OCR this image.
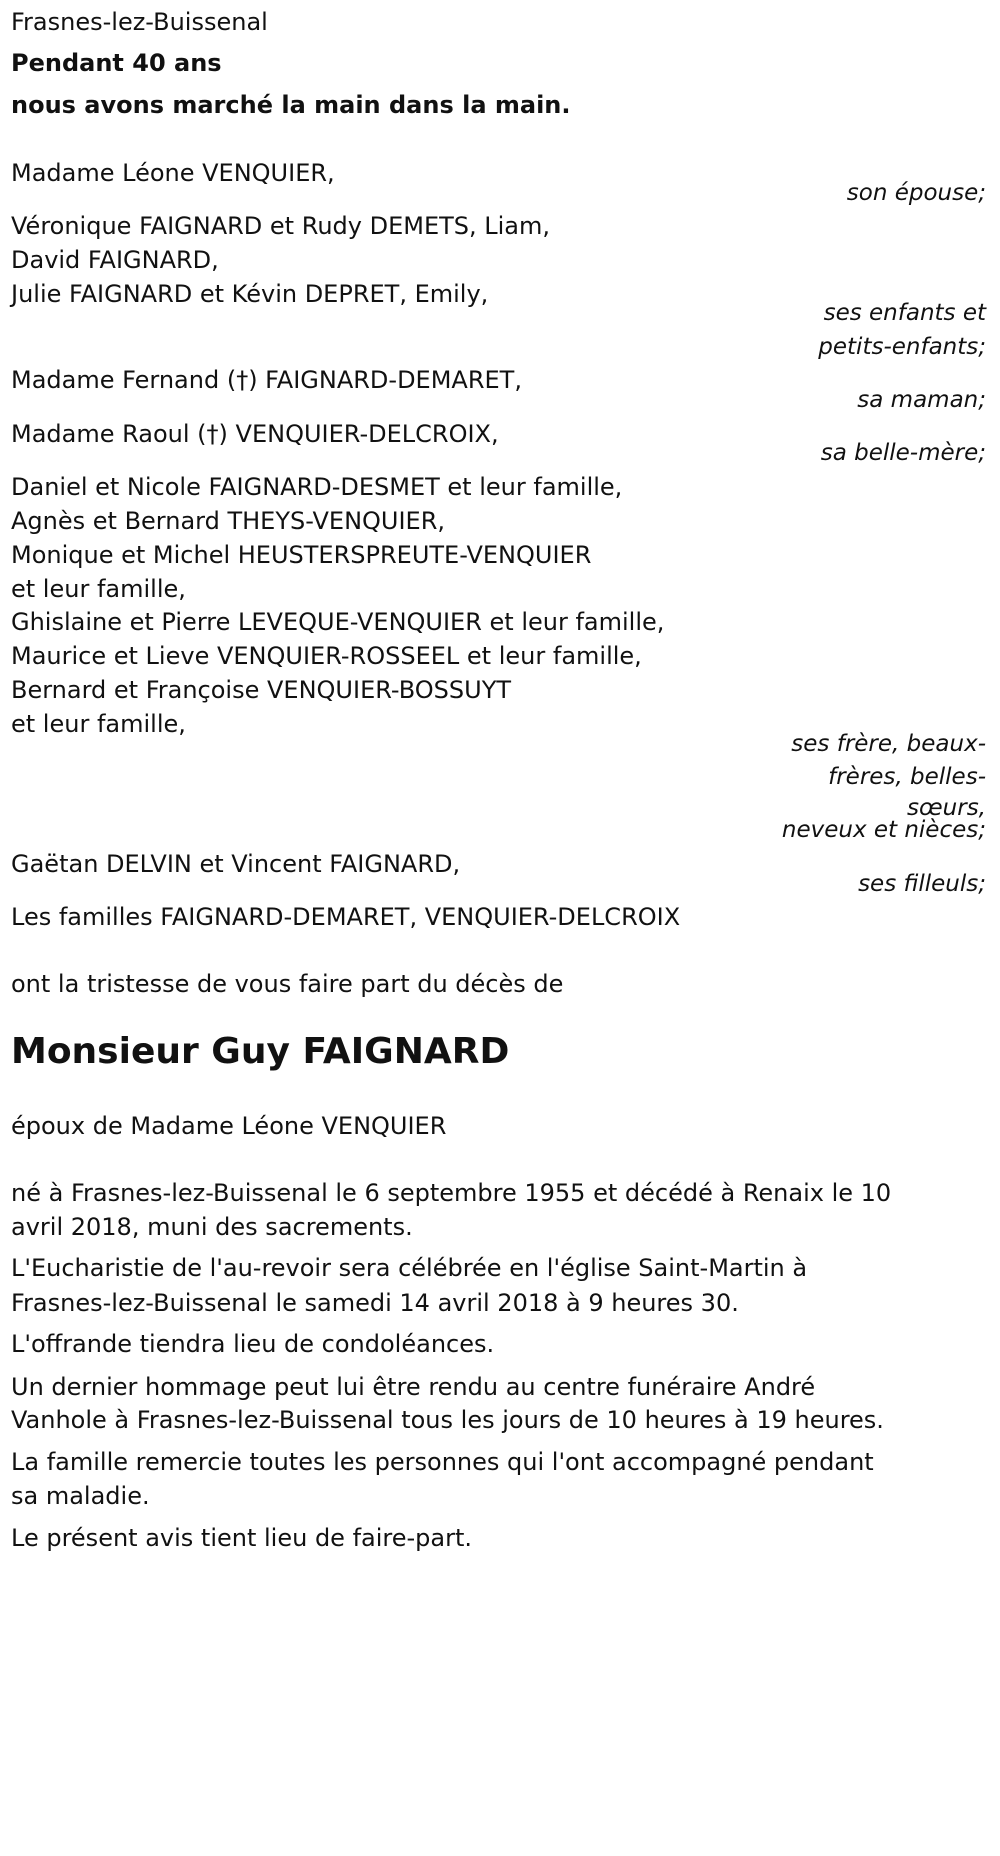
Frasnes-lez-Buissenal
Pendant 40 ans
nous avons marché la main dans la main.
Madame Léone VENQUIER,
son épouse;
Véronique FAIGNARD et Rudy DEMETS, Liam,
David FAIGNARD,
Julie FAIGNARD et Kévin DEPRET, Emily,
ses enfants et
petits-enfants;
Madame Fernand (†) FAIGNARD-DEMARET,
sa maman;
Madame Raoul (†) VENQUIER-DELCROIX,
sa belle-mère;
Daniel et Nicole FAIGNARD-DESMET et leur famille,
Agnès et Bernard THEYS-VENQUIER,
Monique et Michel HEUSTERSPREUTE-VENQUIER
et leur famille,
Ghislaine et Pierre LEVEQUE-VENQUIER et leur famille,
Maurice et Lieve VENQUIER-ROSSEEL et leur famille,
Bernard et Françoise VENQUIER-BOSSUYT
et leur famille,
ses frère, beaux-
frères, belles-
sœurs,
neveux et nièces;
Gaëtan DELVIN et Vincent FAIGNARD,
ses filleuls;
Les familles FAIGNARD-DEMARET, VENQUIER-DELCROIX
ont la tristesse de vous faire part du décès de
Monsieur Guy FAIGNARD
époux de Madame Léone VENQUIER
né à Frasnes-lez-Buissenal le 6 septembre 1955 et décédé à Renaix le 10
avril 2018, muni des sacrements.
L'Eucharistie de l'au-revoir sera célébrée en l'église Saint-Martin à
Frasnes-lez-Buissenal le samedi 14 avril 2018 à 9 heures 30.
L'offrande tiendra lieu de condoléances.
Un dernier hommage peut lui être rendu au centre funéraire André
Vanhole à Frasnes-lez-Buissenal tous les jours de 10 heures à 19 heures.
La famille remercie toutes les personnes qui l'ont accompagné pendant
sa maladie.
Le présent avis tient lieu de faire-part.
